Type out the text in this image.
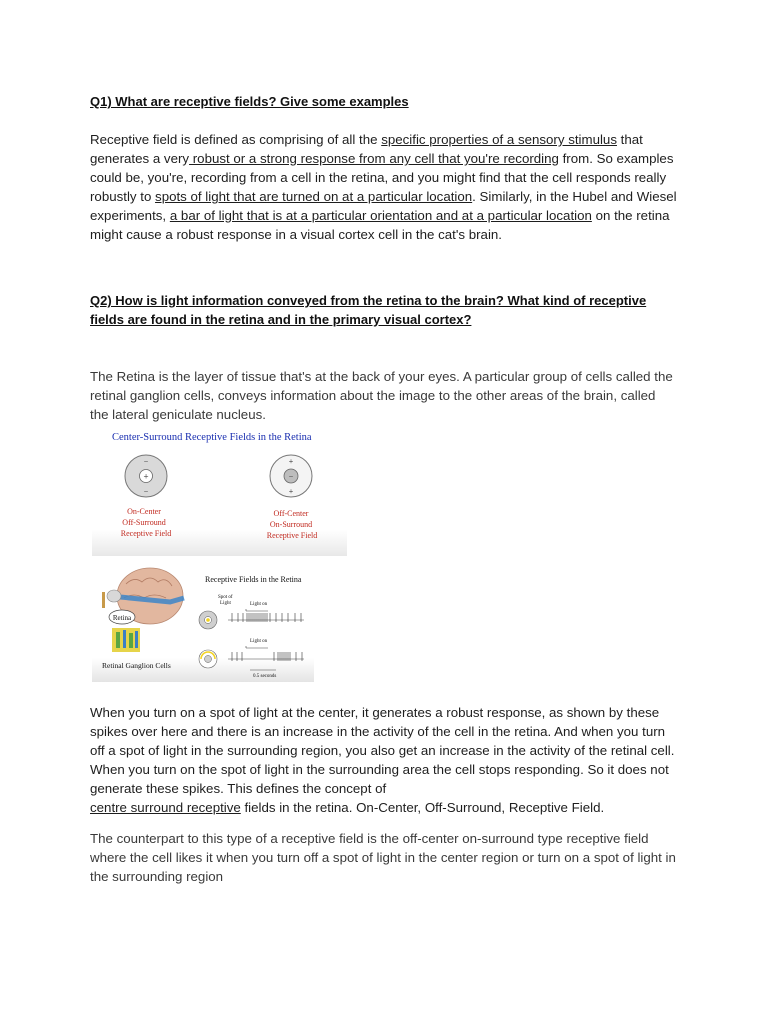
Q1) What are receptive fields? Give some examples
Receptive field is defined as comprising of all the specific properties of a sensory stimulus that generates a very robust or a strong response from any cell that you're recording from. So examples could be, you're, recording from a cell in the retina, and you might find that the cell responds really robustly to spots of light that are turned on at a particular location. Similarly, in the Hubel and Wiesel experiments, a bar of light that is at a particular orientation and at a particular location on the retina might cause a robust response in a visual cortex cell in the cat's brain.
Q2) How is light information conveyed from the retina to the brain? What kind of receptive fields are found in the retina and in the primary visual cortex?
The Retina is the layer of tissue that's at the back of your eyes. A particular group of cells called the retinal ganglion cells, conveys information about the image to the other areas of the brain, called the lateral geniculate nucleus.
Center-Surround Receptive Fields in the Retina
+
−
−
−
+
+
On-Center
Off-Surround
Receptive Field
Off-Center
On-Surround
Receptive Field
Retina
Retinal Ganglion Cells
Receptive Fields in the Retina
Spot of
Light	Light on
Light on
0.5 seconds
When you turn on a spot of light at the center, it generates a robust response, as shown by these spikes over here and there is an increase in the activity of the cell in the retina. And when you turn off a spot of light in the surrounding region, you also get an increase in the activity of the retinal cell. When you turn on the spot of light in the surrounding area the cell stops responding. So it does not generate these spikes. This defines the concept of
centre surround receptive fields in the retina. On-Center, Off-Surround, Receptive Field.
The counterpart to this type of a receptive field is the off-center on-surround type receptive field where the cell likes it when you turn off a spot of light in the center region or turn on a spot of light in the surrounding region
